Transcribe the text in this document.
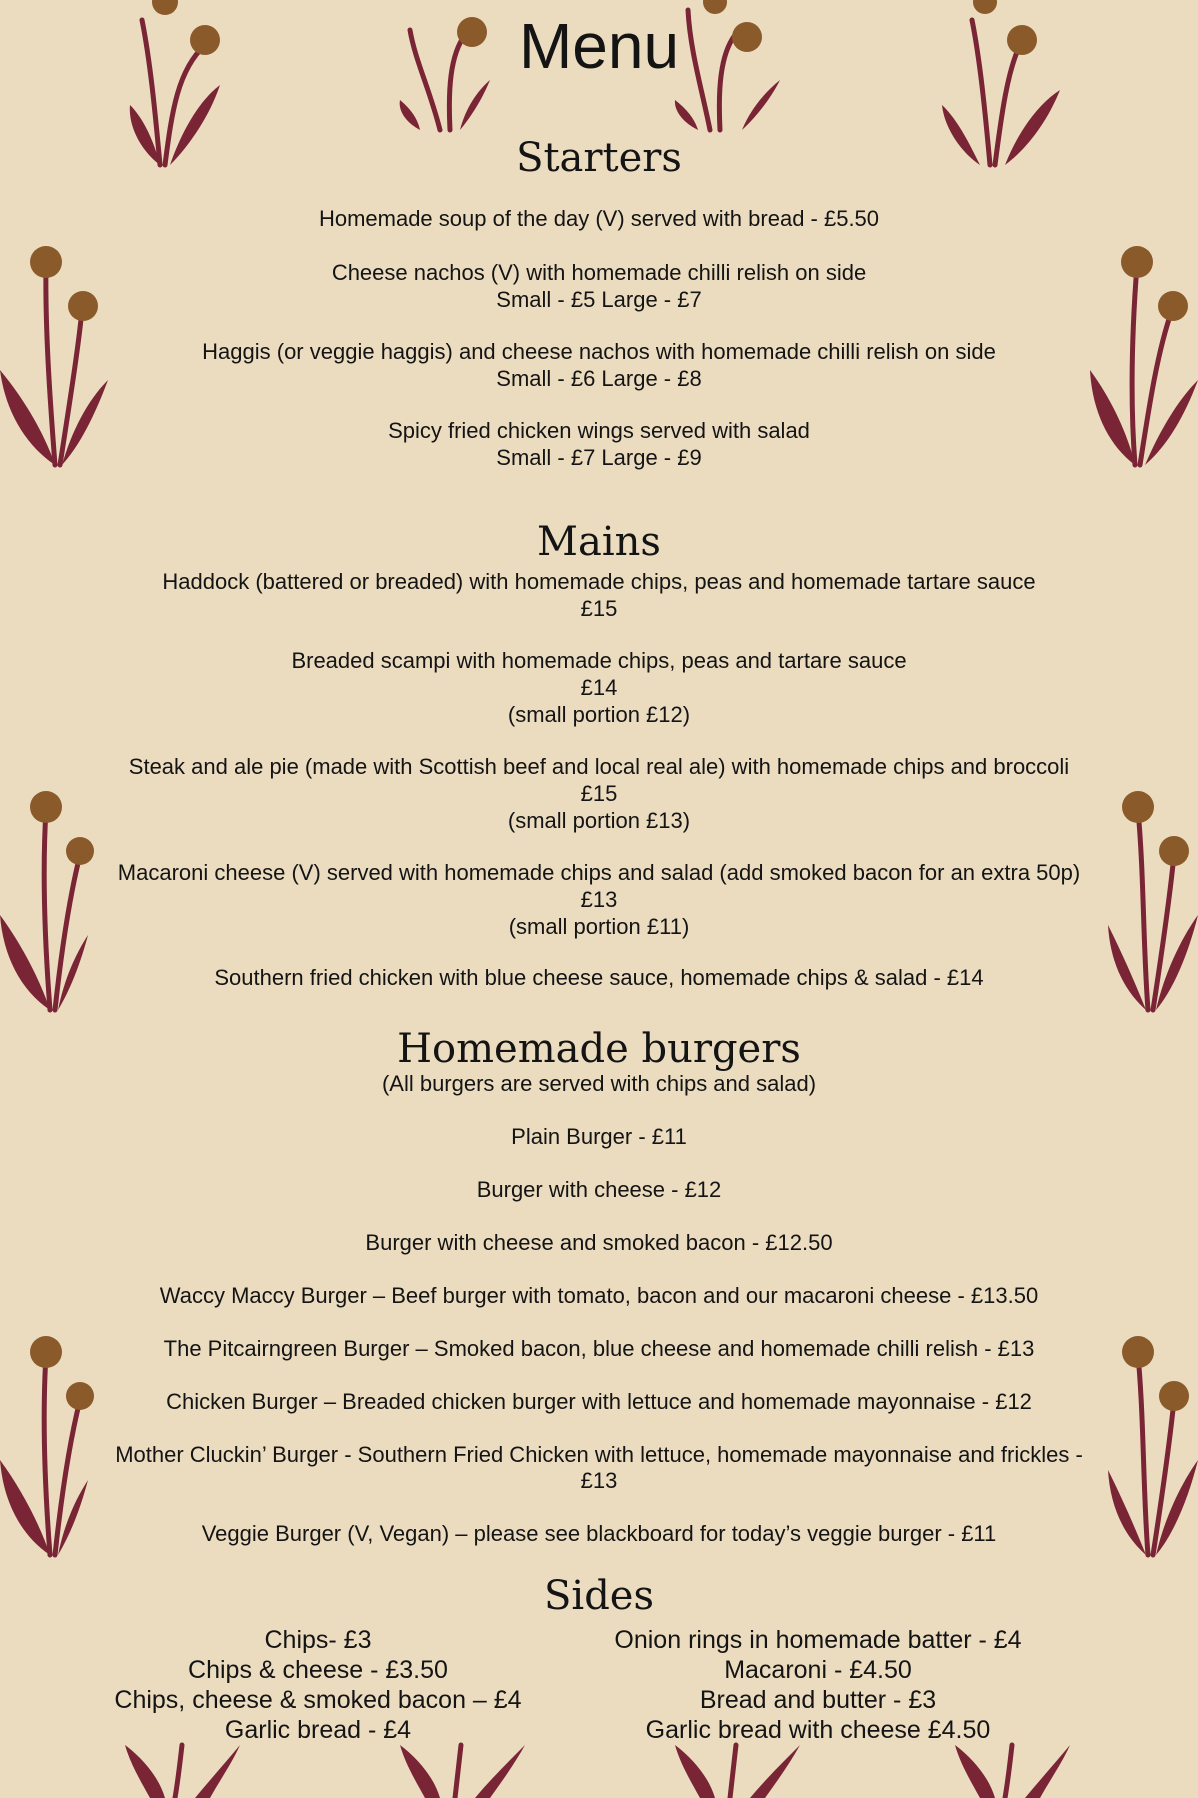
Menu
Starters
Homemade soup of the day (V) served with bread - £5.50
Cheese nachos (V) with homemade chilli relish on side
Small - £5 Large - £7
Haggis (or veggie haggis) and cheese nachos with homemade chilli relish on side
Small - £6 Large - £8
Spicy fried chicken wings served with salad
Small - £7 Large - £9
Mains
Haddock (battered or breaded) with homemade chips, peas and homemade tartare sauce
£15
Breaded scampi with homemade chips, peas and tartare sauce
£14
(small portion £12)
Steak and ale pie (made with Scottish beef and local real ale) with homemade chips and broccoli
£15
(small portion £13)
Macaroni cheese (V) served with homemade chips and salad (add smoked bacon for an extra 50p)
£13
(small portion £11)
Southern fried chicken with blue cheese sauce, homemade chips & salad - £14
Homemade burgers
(All burgers are served with chips and salad)
Plain Burger - £11
Burger with cheese - £12
Burger with cheese and smoked bacon - £12.50
Waccy Maccy Burger – Beef burger with tomato, bacon and our macaroni cheese - £13.50
The Pitcairngreen Burger – Smoked bacon, blue cheese and homemade chilli relish - £13
Chicken Burger – Breaded chicken burger with lettuce and homemade mayonnaise - £12
Mother Cluckin’ Burger - Southern Fried Chicken with lettuce, homemade mayonnaise and frickles -
£13
Veggie Burger (V, Vegan) – please see blackboard for today’s veggie burger - £11
Sides
Chips- £3
Chips & cheese - £3.50
Chips, cheese & smoked bacon – £4
Garlic bread - £4
Onion rings in homemade batter - £4
Macaroni - £4.50
Bread and butter - £3
Garlic bread with cheese £4.50
